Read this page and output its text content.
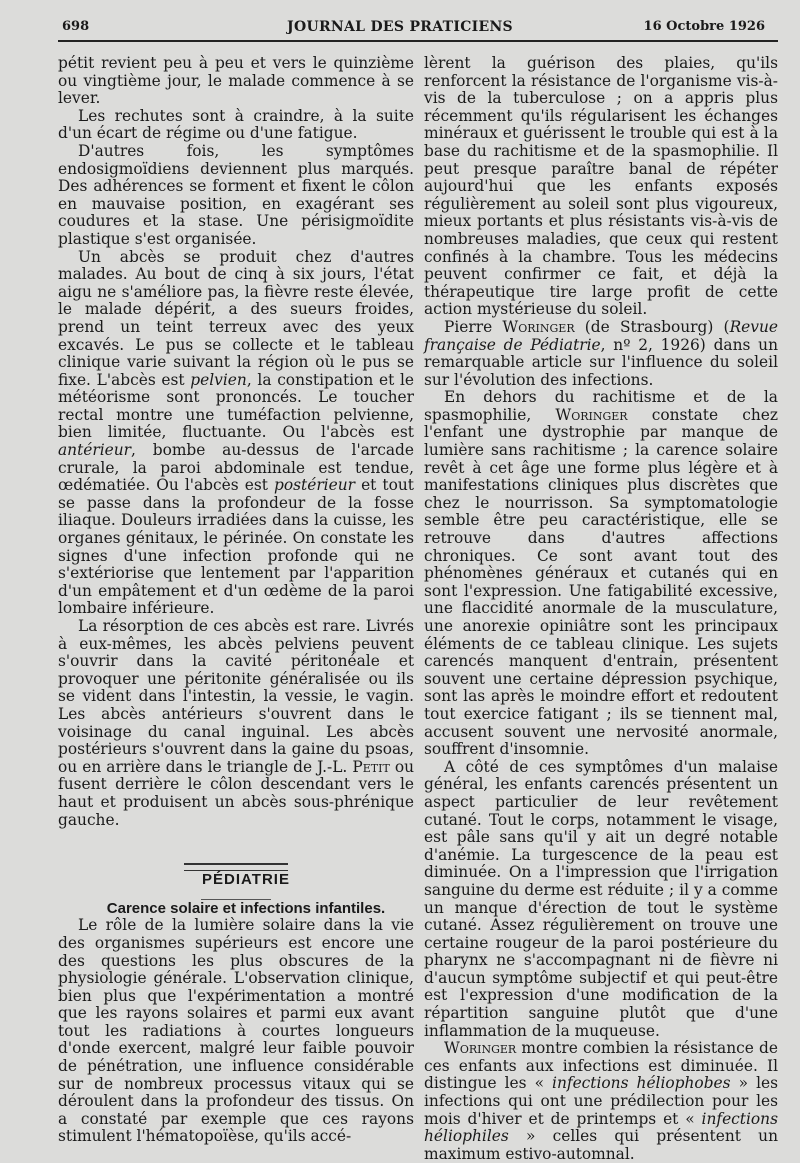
698	JOURNAL DES PRATICIENS	16 Octobre 1926

pétit revient peu à peu et vers le quinzième ou vingtième jour, le malade commence à se lever.

Les rechutes sont à craindre, à la suite d'un écart de régime ou d'une fatigue.

D'autres fois, les symptômes endosigmoïdiens deviennent plus marqués. Des adhérences se forment et fixent le côlon en mauvaise position, en exagérant ses coudures et la stase. Une périsigmoïdite plastique s'est organisée.

Un abcès se produit chez d'autres malades. Au bout de cinq à six jours, l'état aigu ne s'améliore pas, la fièvre reste élevée, le malade dépérit, a des sueurs froides, prend un teint terreux avec des yeux excavés. Le pus se collecte et le tableau clinique varie suivant la région où le pus se fixe. L'abcès est pelvien, la constipation et le météorisme sont prononcés. Le toucher rectal montre une tuméfaction pelvienne, bien limitée, fluctuante. Ou l'abcès est antérieur, bombe au-dessus de l'arcade crurale, la paroi abdominale est tendue, œdématiée. Ou l'abcès est postérieur et tout se passe dans la profondeur de la fosse iliaque. Douleurs irradiées dans la cuisse, les organes génitaux, le périnée. On constate les signes d'une infection profonde qui ne s'extériorise que lentement par l'apparition d'un empâtement et d'un œdème de la paroi lombaire inférieure.

La résorption de ces abcès est rare. Livrés à eux-mêmes, les abcès pelviens peuvent s'ouvrir dans la cavité péritonéale et provoquer une péritonite généralisée ou ils se vident dans l'intestin, la vessie, le vagin. Les abcès antérieurs s'ouvrent dans le voisinage du canal inguinal. Les abcès postérieurs s'ouvrent dans la gaine du psoas, ou en arrière dans le triangle de J.-L. Petit ou fusent derrière le côlon descendant vers le haut et produisent un abcès sous-phrénique gauche.

PÉDIATRIE

Carence solaire et infections infantiles.

Le rôle de la lumière solaire dans la vie des organismes supérieurs est encore une des questions les plus obscures de la physiologie générale. L'observation clinique, bien plus que l'expérimentation a montré que les rayons solaires et parmi eux avant tout les radiations à courtes longueurs d'onde exercent, malgré leur faible pouvoir de pénétration, une influence considérable sur de nombreux processus vitaux qui se déroulent dans la profondeur des tissus. On a constaté par exemple que ces rayons stimulent l'hématopoïèse, qu'ils accé-

lèrent la guérison des plaies, qu'ils renforcent la résistance de l'organisme vis-à-vis de la tuberculose ; on a appris plus récemment qu'ils régularisent les échanges minéraux et guérissent le trouble qui est à la base du rachitisme et de la spasmophilie. Il peut presque paraître banal de répéter aujourd'hui que les enfants exposés régulièrement au soleil sont plus vigoureux, mieux portants et plus résistants vis-à-vis de nombreuses maladies, que ceux qui restent confinés à la chambre. Tous les médecins peuvent confirmer ce fait, et déjà la thérapeutique tire large profit de cette action mystérieuse du soleil.

Pierre Woringer (de Strasbourg) (Revue française de Pédiatrie, nº 2, 1926) dans un remarquable article sur l'influence du soleil sur l'évolution des infections.

En dehors du rachitisme et de la spasmophilie, Woringer constate chez l'enfant une dystrophie par manque de lumière sans rachitisme ; la carence solaire revêt à cet âge une forme plus légère et à manifestations cliniques plus discrètes que chez le nourrisson. Sa symptomatologie semble être peu caractéristique, elle se retrouve dans d'autres affections chroniques. Ce sont avant tout des phénomènes généraux et cutanés qui en sont l'expression. Une fatigabilité excessive, une flaccidité anormale de la musculature, une anorexie opiniâtre sont les principaux éléments de ce tableau clinique. Les sujets carencés manquent d'entrain, présentent souvent une certaine dépression psychique, sont las après le moindre effort et redoutent tout exercice fatigant ; ils se tiennent mal, accusent souvent une nervosité anormale, souffrent d'insomnie.

A côté de ces symptômes d'un malaise général, les enfants carencés présentent un aspect particulier de leur revêtement cutané. Tout le corps, notamment le visage, est pâle sans qu'il y ait un degré notable d'anémie. La turgescence de la peau est diminuée. On a l'impression que l'irrigation sanguine du derme est réduite ; il y a comme un manque d'érection de tout le système cutané. Assez régulièrement on trouve une certaine rougeur de la paroi postérieure du pharynx ne s'accompagnant ni de fièvre ni d'aucun symptôme subjectif et qui peut-être est l'expression d'une modification de la répartition sanguine plutôt que d'une inflammation de la muqueuse.

Woringer montre combien la résistance de ces enfants aux infections est diminuée. Il distingue les « infections héliophobes » les infections qui ont une prédilection pour les mois d'hiver et de printemps et « infections héliophiles » celles qui présentent un maximum estivo-automnal.
